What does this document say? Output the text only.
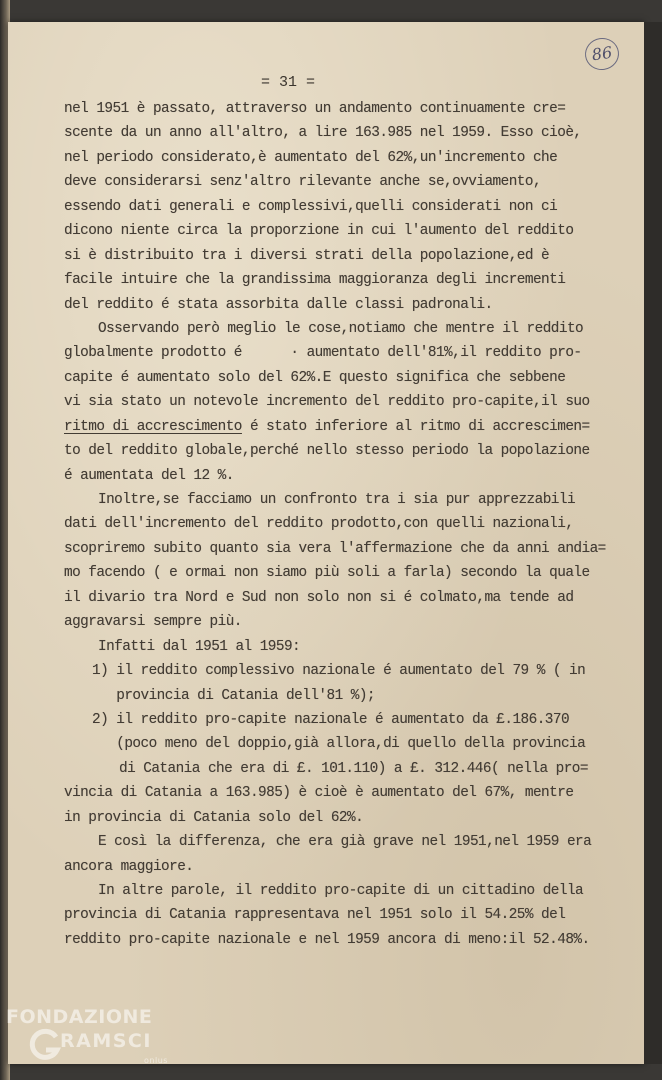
86
= 31 =
nel 1951 è passato, attraverso un andamento continuamente cre=
scente da un anno all'altro, a lire 163.985 nel 1959. Esso cioè,
nel periodo considerato,è aumentato del 62%,un'incremento che
deve considerarsi senz'altro rilevante anche se,ovviamento,
essendo dati generali e complessivi,quelli considerati non ci
dicono niente circa la proporzione in cui l'aumento del reddito
si è distribuito tra i diversi strati della popolazione,ed è
facile intuire che la grandissima maggioranza degli incrementi
del reddito é stata assorbita dalle classi padronali.
Osservando però meglio le cose,notiamo che mentre il reddito
globalmente prodotto é      · aumentato dell'81%,il reddito pro-
capite é aumentato solo del 62%.E questo significa che sebbene
vi sia stato un notevole incremento del reddito pro-capite,il suo
ritmo di accrescimento é stato inferiore al ritmo di accrescimen=
to del reddito globale,perché nello stesso periodo la popolazione
é aumentata del 12 %.
Inoltre,se facciamo un confronto tra i sia pur apprezzabili
dati dell'incremento del reddito prodotto,con quelli nazionali,
scopriremo subito quanto sia vera l'affermazione che da anni andia=
mo facendo ( e ormai non siamo più soli a farla) secondo la quale
il divario tra Nord e Sud non solo non si é colmato,ma tende ad
aggravarsi sempre più.
Infatti dal 1951 al 1959:
1) il reddito complessivo nazionale é aumentato del 79 % ( in
provincia di Catania dell'81 %);
2) il reddito pro-capite nazionale é aumentato da £.186.370
(poco meno del doppio,già allora,di quello della provincia
di Catania che era di £. 101.110) a £. 312.446( nella pro=
vincia di Catania a 163.985) è cioè è aumentato del 67%, mentre
in provincia di Catania solo del 62%.
E così la differenza, che era già grave nel 1951,nel 1959 era
ancora maggiore.
In altre parole, il reddito pro-capite di un cittadino della
provincia di Catania rappresentava nel 1951 solo il 54.25% del
reddito pro-capite nazionale e nel 1959 ancora di meno:il 52.48%.
FONDAZIONE
RAMSCI
onlus
